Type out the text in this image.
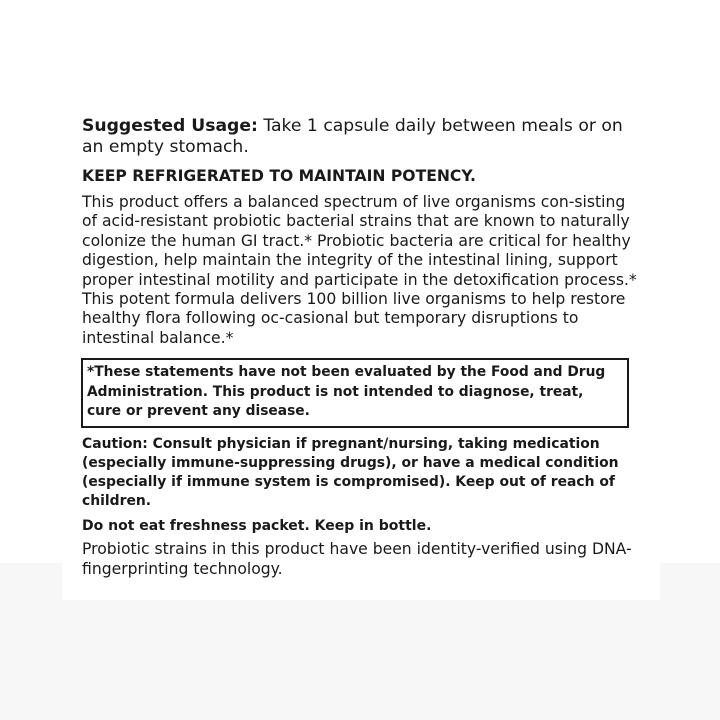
Suggested Usage: Take 1 capsule daily between meals or on an empty stomach.

KEEP REFRIGERATED TO MAINTAIN POTENCY.

This product offers a balanced spectrum of live organisms con-sisting of acid-resistant probiotic bacterial strains that are known to naturally colonize the human GI tract.* Probiotic bacteria are critical for healthy digestion, help maintain the integrity of the intestinal lining, support proper intestinal motility and participate in the detoxification process.* This potent formula delivers 100 billion live organisms to help restore healthy flora following oc-casional but temporary disruptions to intestinal balance.*

*These statements have not been evaluated by the Food and Drug Administration. This product is not intended to diagnose, treat, cure or prevent any disease.

Caution: Consult physician if pregnant/nursing, taking medication (especially immune-suppressing drugs), or have a medical condition (especially if immune system is compromised). Keep out of reach of children.

Do not eat freshness packet. Keep in bottle.

Probiotic strains in this product have been identity-verified using DNA-fingerprinting technology.
